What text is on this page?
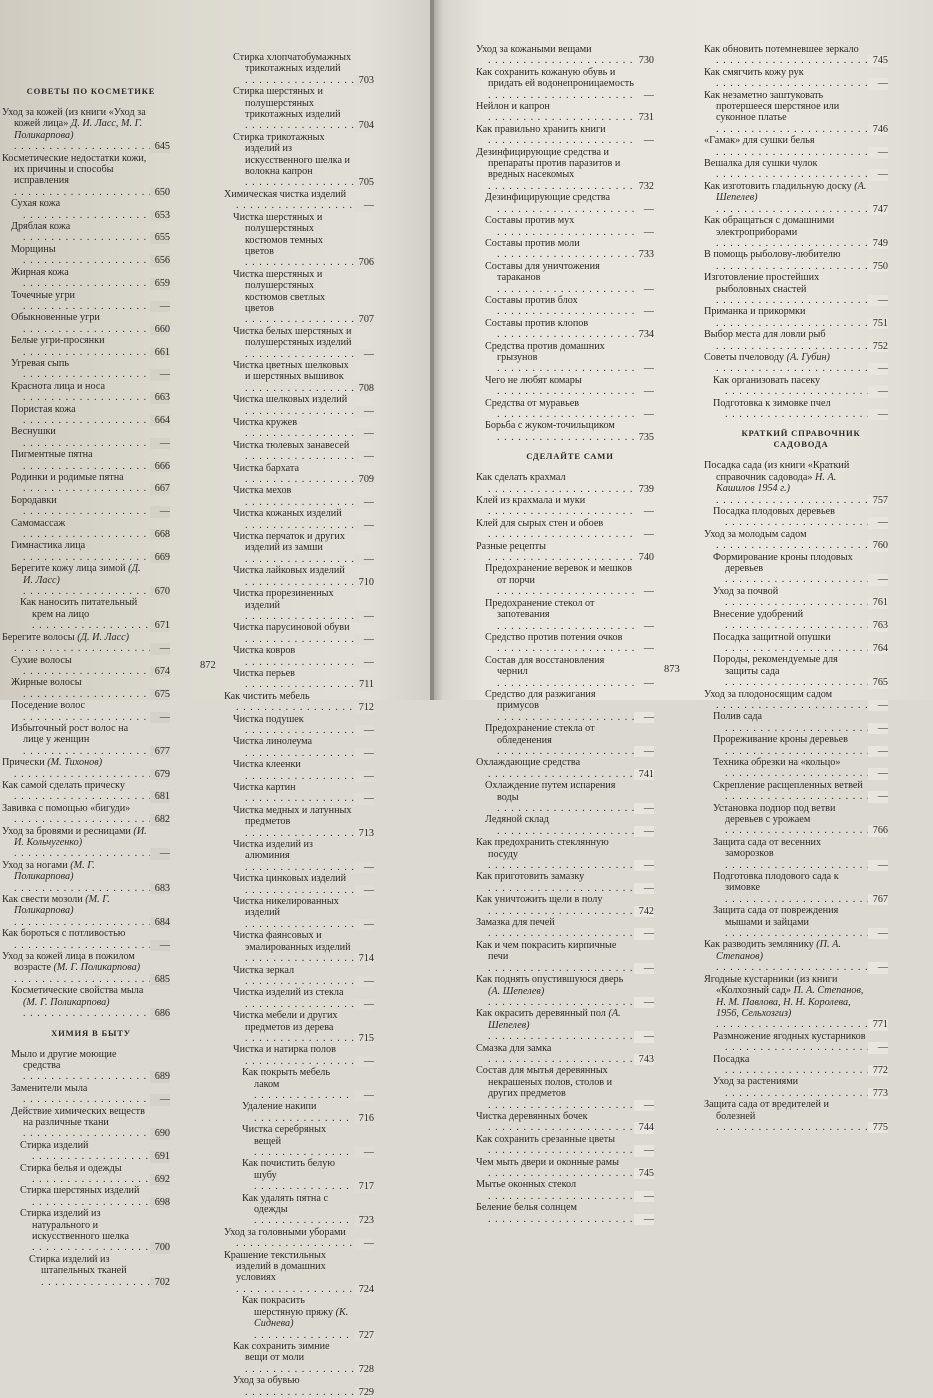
СОВЕТЫ ПО КОСМЕТИКЕ
Уход за кожей (из книги «Уход за кожей лица» Д. И. Ласс, М. Г. Поликарпова) . . .
645
Косметические недостатки кожи, их причины и способы исправления . . .
650
Сухая кожа . . .
653
Дряблая кожа . . .
655
Морщины . . .
656
Жирная кожа . . .
659
Точечные угри . . .
—
Обыкновенные угри . . .
660
Белые угри-просянки . . .
661
Угревая сыпь . . .
—
Краснота лица и носа . . .
663
Пористая кожа . . .
664
Веснушки . . .
—
Пигментные пятна . . .
666
Родинки и родимые пятна . . .
667
Бородавки . . .
—
Самомассаж . . .
668
Гимнастика лица . . .
669
Берегите кожу лица зимой (Д. И. Ласс) . . .
670
Как наносить питательный крем на лицо . . .
671
Берегите волосы (Д. И. Ласс) . . .
—
Сухие волосы . . .
674
Жирные волосы . . .
675
Поседение волос . . .
—
Избыточный рост волос на лице у женщин . . .
677
Прически (М. Тихонов) . . .
679
Как самой сделать прическу . . .
681
Завивка с помощью «бигуди» . . .
682
Уход за бровями и ресницами (И. И. Кольчугенко) . . .
—
Уход за ногами (М. Г. Поликарпова) . . .
683
Как свести мозоли (М. Г. Поликарпова) . . .
684
Как бороться с потливостью . . .
—
Уход за кожей лица в пожилом возрасте (М. Г. Поликарпова) . . .
685
Косметические свойства мыла (М. Г. Поликарпова) . . .
686
ХИМИЯ В БЫТУ
Мыло и другие моющие средства . . .
689
Заменители мыла . . .
—
Действие химических веществ на различные ткани . . .
690
Стирка изделий . . .
691
Стирка белья и одежды . . .
692
Стирка шерстяных изделий . . .
698
Стирка изделий из натурального и искусственного шелка . . .
700
Стирка изделий из штапельных тканей . . .
702
Стирка хлопчатобумажных трикотажных изделий . . .
703
Стирка шерстяных и полушерстяных трикотажных изделий . . .
704
Стирка трикотажных изделий из искусственного шелка и волокна капрон . . .
705
Химическая чистка изделий . . .
—
Чистка шерстяных и полушерстяных костюмов темных цветов . . .
706
Чистка шерстяных и полушерстяных костюмов светлых цветов . . .
707
Чистка белых шерстяных и полушерстяных изделий . . .
—
Чистка цветных шелковых и шерстяных вышивок . . .
708
Чистка шелковых изделий . . .
—
Чистка кружев . . .
—
Чистка тюлевых занавесей . . .
—
Чистка бархата . . .
709
Чистка мехов . . .
—
Чистка кожаных изделий . . .
—
Чистка перчаток и других изделий из замши . . .
—
Чистка лайковых изделий . . .
710
Чистка прорезиненных изделий . . .
—
Чистка парусиновой обуви . . .
—
Чистка ковров . . .
—
Чистка перьев . . .
711
Как чистить мебель . . .
712
Чистка подушек . . .
—
Чистка линолеума . . .
—
Чистка клеенки . . .
—
Чистка картин . . .
—
Чистка медных и латунных предметов . . .
713
Чистка изделий из алюминия . . .
—
Чистка цинковых изделий . . .
—
Чистка никелированных изделий . . .
—
Чистка фаянсовых и эмалированных изделий . . .
714
Чистка зеркал . . .
—
Чистка изделий из стекла . . .
—
Чистка мебели и других предметов из дерева . . .
715
Чистка и натирка полов . . .
—
Как покрыть мебель лаком . . .
—
Удаление накипи . . .
716
Чистка серебряных вещей . . .
—
Как почистить белую шубу . . .
717
Как удалять пятна с одежды . . .
723
Уход за головными уборами . . .
—
Крашение текстильных изделий в домашних условиях . . .
724
Как покрасить шерстяную пряжу (К. Сиднева) . . .
727
Как сохранить зимние вещи от моли . . .
728
Уход за обувью . . .
729
Уход за кожаными вещами . . .
730
Как сохранить кожаную обувь и придать ей водонепроницаемость . . .
—
Нейлон и капрон . . .
731
Как правильно хранить книги . . .
—
Дезинфицирующие средства и препараты против паразитов и вредных насекомых . . .
732
Дезинфицирующие средства . . .
—
Составы против мух . . .
—
Составы против моли . . .
733
Составы для уничтожения тараканов . . .
—
Составы против блох . . .
—
Составы против клопов . . .
734
Средства против домашних грызунов . . .
—
Чего не любят комары . . .
—
Средства от муравьев . . .
—
Борьба с жуком-точильщиком . . .
735
СДЕЛАЙТЕ САМИ
Как сделать крахмал . . .
739
Клей из крахмала и муки . . .
—
Клей для сырых стен и обоев . . .
—
Разные рецепты . . .
740
Предохранение веревок и мешков от порчи . . .
—
Предохранение стекол от запотевания . . .
—
Средство против потения очков . . .
—
Состав для восстановления чернил . . .
—
Средство для разжигания примусов . . .
—
Предохранение стекла от обледенения . . .
—
Охлаждающие средства . . .
741
Охлаждение путем испарения воды . . .
—
Ледяной склад . . .
—
Как предохранить стеклянную посуду . . .
—
Как приготовить замазку . . .
—
Как уничтожить щели в полу . . .
742
Замазка для печей . . .
—
Как и чем покрасить кирпичные печи . . .
—
Как поднять опустившуюся дверь (А. Шепелев) . . .
—
Как окрасить деревянный пол (А. Шепелев) . . .
—
Смазка для замка . . .
743
Состав для мытья деревянных некрашеных полов, столов и других предметов . . .
—
Чистка деревянных бочек . . .
744
Как сохранить срезанные цветы . . .
—
Чем мыть двери и оконные рамы . . .
745
Мытье оконных стекол . . .
—
Беление белья солнцем . . .
—
Как обновить потемневшее зеркало . . .
745
Как смягчить кожу рук . . .
—
Как незаметно заштуковать протершееся шерстяное или суконное платье . . .
746
«Гамак» для сушки белья . . .
—
Вешалка для сушки чулок . . .
—
Как изготовить гладильную доску (А. Шепелев) . . .
747
Как обращаться с домашними электроприборами . . .
749
В помощь рыболову-любителю . . .
750
Изготовление простейших рыболовных снастей . . .
—
Приманка и прикормки . . .
751
Выбор места для ловли рыб . . .
752
Советы пчеловоду (А. Губин) . . .
—
Как организовать пасеку . . .
—
Подготовка к зимовке пчел . . .
—
КРАТКИЙ СПРАВОЧНИК САДОВОДА
Посадка сада (из книги «Краткий справочник садовода» Н. А. Кашилов 1954 г.) . . .
757
Посадка плодовых деревьев . . .
—
Уход за молодым садом . . .
760
Формирование кроны плодовых деревьев . . .
—
Уход за почвой . . .
761
Внесение удобрений . . .
763
Посадка защитной опушки . . .
764
Породы, рекомендуемые для защиты сада . . .
765
Уход за плодоносящим садом . . .
—
Полив сада . . .
—
Прореживание кроны деревьев . . .
—
Техника обрезки на «кольцо» . . .
—
Скрепление расщепленных ветвей . . .
—
Установка подпор под ветви деревьев с урожаем . . .
766
Защита сада от весенних заморозков . . .
—
Подготовка плодового сада к зимовке . . .
767
Защита сада от повреждения мышами и зайцами . . .
—
Как разводить землянику (П. А. Степанов) . . .
—
Ягодные кустарники (из книги «Колхозный сад» П. А. Степанов, Н. М. Павлова, Н. Н. Королева, 1956, Сельхозгиз) . . .
771
Размножение ягодных кустарников . . .
—
Посадка . . .
772
Уход за растениями . . .
773
Защита сада от вредителей и болезней . . .
775
872	873
